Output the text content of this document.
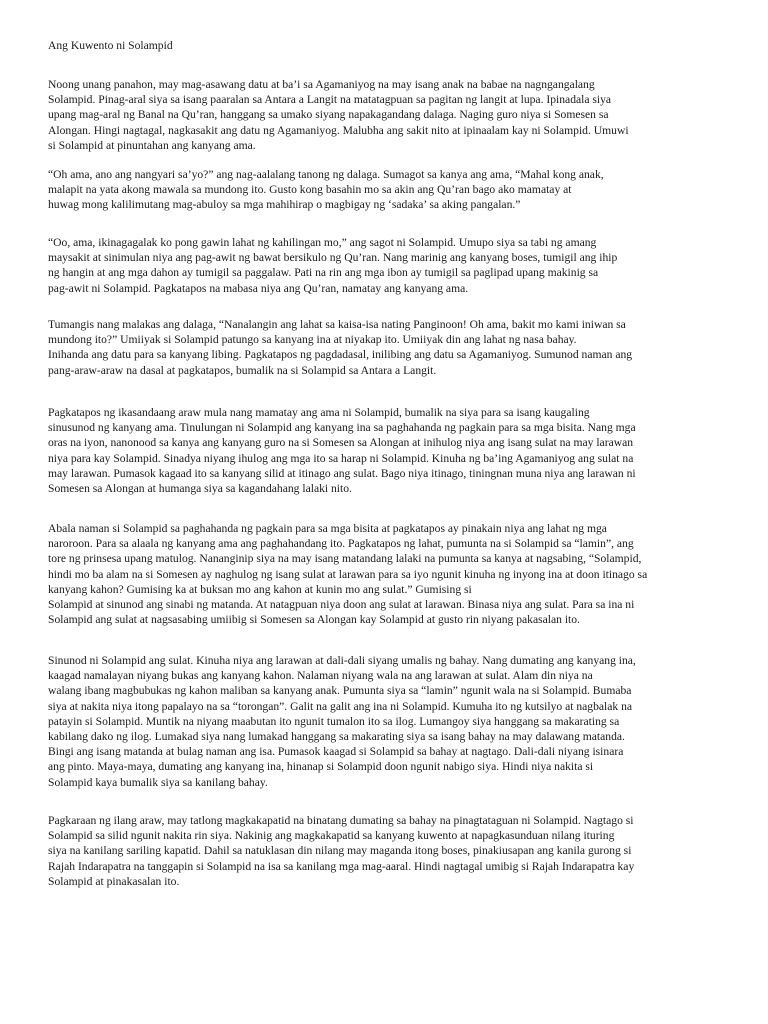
Ang Kuwento ni Solampid
Noong unang panahon, may mag-asawang datu at ba’i sa Agamaniyog na may isang anak na babae na nagngangalang
Solampid. Pinag-aral siya sa isang paaralan sa Antara a Langit na matatagpuan sa pagitan ng langit at lupa. Ipinadala siya
upang mag-aral ng Banal na Qu’ran, hanggang sa umako siyang napakagandang dalaga. Naging guro niya si Somesen sa
Alongan. Hingi nagtagal, nagkasakit ang datu ng Agamaniyog. Malubha ang sakit nito at ipinaalam kay ni Solampid. Umuwi
si Solampid at pinuntahan ang kanyang ama.
“Oh ama, ano ang nangyari sa’yo?” ang nag-aalalang tanong ng dalaga. Sumagot sa kanya ang ama, “Mahal kong anak,
malapit na yata akong mawala sa mundong ito. Gusto kong basahin mo sa akin ang Qu’ran bago ako mamatay at
huwag mong kalilimutang mag-abuloy sa mga mahihirap o magbigay ng ‘sadaka’ sa aking pangalan.”
“Oo, ama, ikinagagalak ko pong gawin lahat ng kahilingan mo,” ang sagot ni Solampid. Umupo siya sa tabi ng amang
maysakit at sinimulan niya ang pag-awit ng bawat bersikulo ng Qu’ran. Nang marinig ang kanyang boses, tumigil ang ihip
ng hangin at ang mga dahon ay tumigil sa paggalaw. Pati na rin ang mga ibon ay tumigil sa paglipad upang makinig sa
pag-awit ni Solampid. Pagkatapos na mabasa niya ang Qu’ran, namatay ang kanyang ama.
Tumangis nang malakas ang dalaga, “Nanalangin ang lahat sa kaisa-isa nating Panginoon! Oh ama, bakit mo kami iniwan sa
mundong ito?” Umiiyak si Solampid patungo sa kanyang ina at niyakap ito. Umiiyak din ang lahat ng nasa bahay.
Inihanda ang datu para sa kanyang libing. Pagkatapos ng pagdadasal, inilibing ang datu sa Agamaniyog. Sumunod naman ang
pang-araw-araw na dasal at pagkatapos, bumalik na si Solampid sa Antara a Langit.
Pagkatapos ng ikasandaang araw mula nang mamatay ang ama ni Solampid, bumalik na siya para sa isang kaugaling
sinusunod ng kanyang ama. Tinulungan ni Solampid ang kanyang ina sa paghahanda ng pagkain para sa mga bisita. Nang mga
oras na iyon, nanonood sa kanya ang kanyang guro na si Somesen sa Alongan at inihulog niya ang isang sulat na may larawan
niya para kay Solampid. Sinadya niyang ihulog ang mga ito sa harap ni Solampid. Kinuha ng ba’ing Agamaniyog ang sulat na
may larawan. Pumasok kagaad ito sa kanyang silid at itinago ang sulat. Bago niya itinago, tiningnan muna niya ang larawan ni
Somesen sa Alongan at humanga siya sa kagandahang lalaki nito.
Abala naman si Solampid sa paghahanda ng pagkain para sa mga bisita at pagkatapos ay pinakain niya ang lahat ng mga
naroroon. Para sa alaala ng kanyang ama ang paghahandang ito. Pagkatapos ng lahat, pumunta na si Solampid sa “lamin”, ang
tore ng prinsesa upang matulog. Nananginip siya na may isang matandang lalaki na pumunta sa kanya at nagsabing, “Solampid,
hindi mo ba alam na si Somesen ay naghulog ng isang sulat at larawan para sa iyo ngunit kinuha ng inyong ina at doon itinago sa
kanyang kahon? Gumising ka at buksan mo ang kahon at kunin mo ang sulat.” Gumising si
Solampid at sinunod ang sinabi ng matanda. At natagpuan niya doon ang sulat at larawan. Binasa niya ang sulat. Para sa ina ni
Solampid ang sulat at nagsasabing umiibig si Somesen sa Alongan kay Solampid at gusto rin niyang pakasalan ito.
Sinunod ni Solampid ang sulat. Kinuha niya ang larawan at dali-dali siyang umalis ng bahay. Nang dumating ang kanyang ina,
kaagad namalayan niyang bukas ang kanyang kahon. Nalaman niyang wala na ang larawan at sulat. Alam din niya na
walang ibang magbubukas ng kahon maliban sa kanyang anak. Pumunta siya sa “lamin” ngunit wala na si Solampid. Bumaba
siya at nakita niya itong papalayo na sa “torongan”. Galit na galit ang ina ni Solampid. Kumuha ito ng kutsilyo at nagbalak na
patayin si Solampid. Muntik na niyang maabutan ito ngunit tumalon ito sa ilog. Lumangoy siya hanggang sa makarating sa
kabilang dako ng ilog. Lumakad siya nang lumakad hanggang sa makarating siya sa isang bahay na may dalawang matanda.
Bingi ang isang matanda at bulag naman ang isa. Pumasok kaagad si Solampid sa bahay at nagtago. Dali-dali niyang isinara
ang pinto. Maya-maya, dumating ang kanyang ina, hinanap si Solampid doon ngunit nabigo siya. Hindi niya nakita si
Solampid kaya bumalik siya sa kanilang bahay.
Pagkaraan ng ilang araw, may tatlong magkakapatid na binatang dumating sa bahay na pinagtataguan ni Solampid. Nagtago si
Solampid sa silid ngunit nakita rin siya. Nakinig ang magkakapatid sa kanyang kuwento at napagkasunduan nilang ituring
siya na kanilang sariling kapatid. Dahil sa natuklasan din nilang may maganda itong boses, pinakiusapan ang kanila gurong si
Rajah Indarapatra na tanggapin si Solampid na isa sa kanilang mga mag-aaral. Hindi nagtagal umibig si Rajah Indarapatra kay
Solampid at pinakasalan ito.
